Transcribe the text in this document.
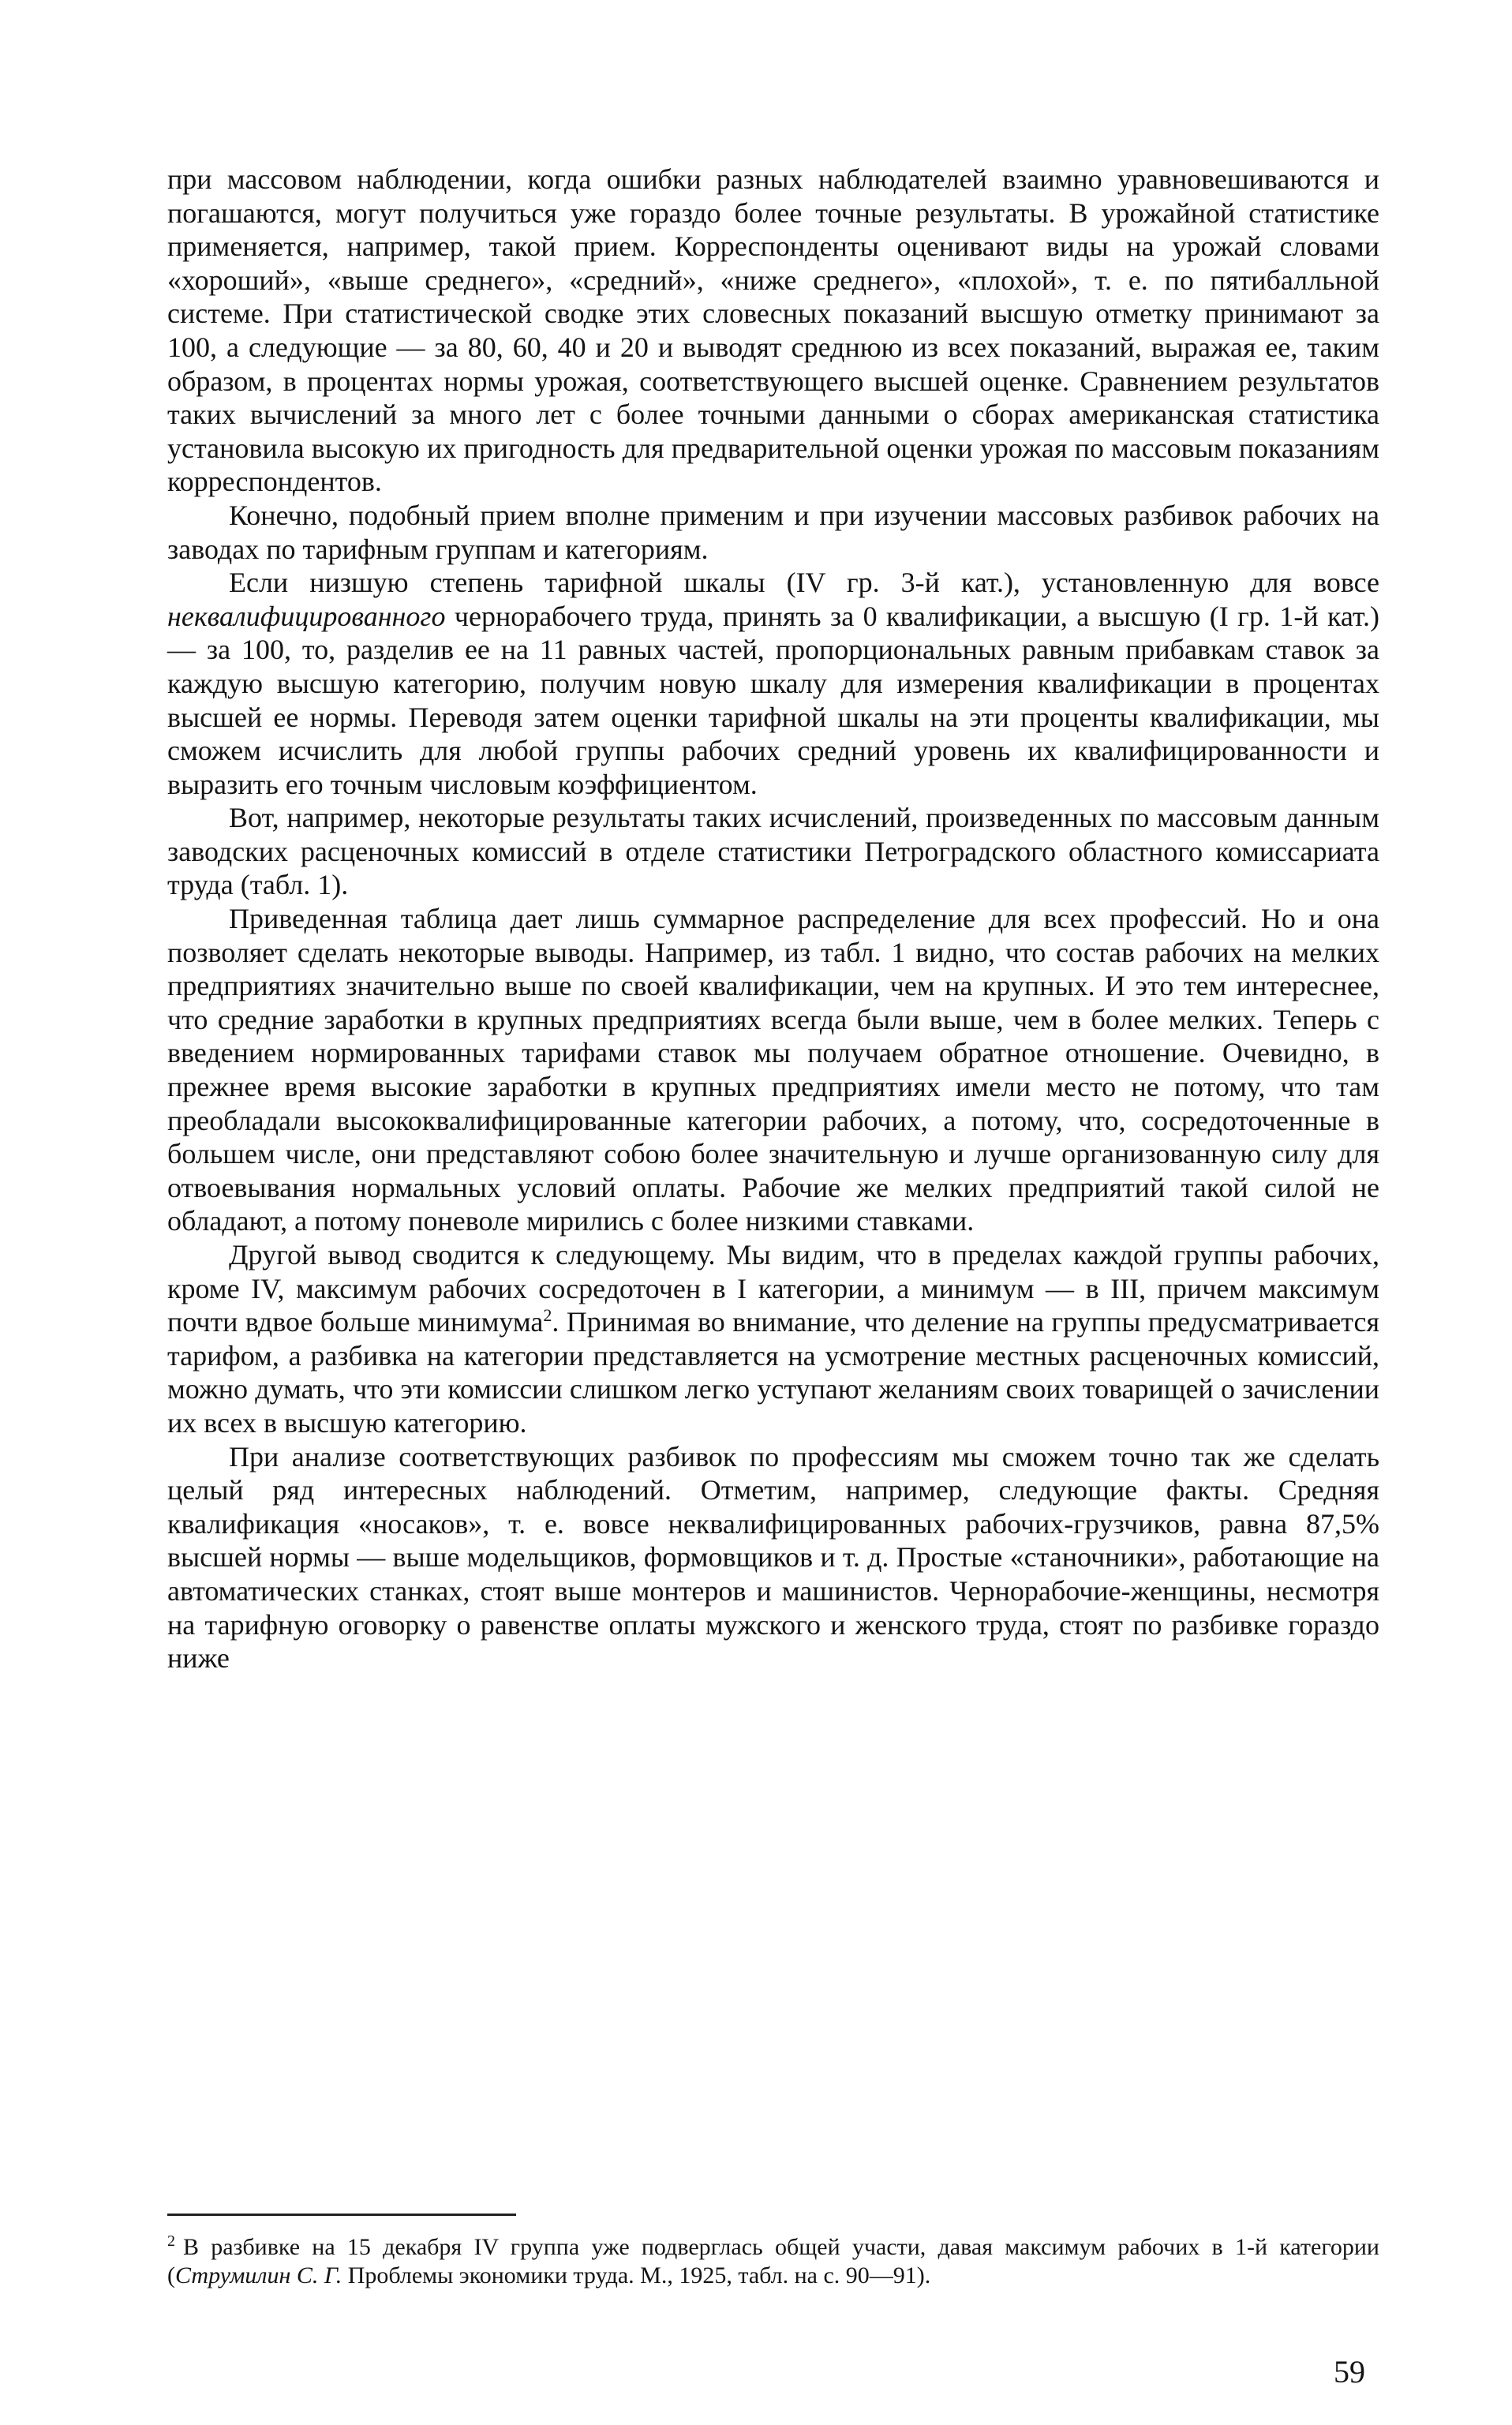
при массовом наблюдении, когда ошибки разных наблюдателей взаимно уравновешиваются и погашаются, могут получиться уже гораздо более точные результаты. В урожайной статистике применяется, например, такой прием. Корреспонденты оценивают виды на урожай словами «хороший», «выше среднего», «средний», «ниже среднего», «плохой», т. е. по пятибалльной системе. При статистической сводке этих словесных показаний высшую отметку принимают за 100, а следующие — за 80, 60, 40 и 20 и выводят среднюю из всех показаний, выражая ее, таким образом, в процентах нормы урожая, соответствующего высшей оценке. Сравнением результатов таких вычислений за много лет с более точными данными о сборах американская статистика установила высокую их пригодность для предварительной оценки урожая по массовым показаниям корреспондентов.

Конечно, подобный прием вполне применим и при изучении массовых разбивок рабочих на заводах по тарифным группам и категориям.

Если низшую степень тарифной шкалы (IV гр. 3-й кат.), установленную для вовсе неквалифицированного чернорабочего труда, принять за 0 квалификации, а высшую (I гр. 1-й кат.) — за 100, то, разделив ее на 11 равных частей, пропорциональных равным прибавкам ставок за каждую высшую категорию, получим новую шкалу для измерения квалификации в процентах высшей ее нормы. Переводя затем оценки тарифной шкалы на эти проценты квалификации, мы сможем исчислить для любой группы рабочих средний уровень их квалифицированности и выразить его точным числовым коэффициентом.

Вот, например, некоторые результаты таких исчислений, произведенных по массовым данным заводских расценочных комиссий в отделе статистики Петроградского областного комиссариата труда (табл. 1).

Приведенная таблица дает лишь суммарное распределение для всех профессий. Но и она позволяет сделать некоторые выводы. Например, из табл. 1 видно, что состав рабочих на мелких предприятиях значительно выше по своей квалификации, чем на крупных. И это тем интереснее, что средние заработки в крупных предприятиях всегда были выше, чем в более мелких. Теперь с введением нормированных тарифами ставок мы получаем обратное отношение. Очевидно, в прежнее время высокие заработки в крупных предприятиях имели место не потому, что там преобладали высококвалифицированные категории рабочих, а потому, что, сосредоточенные в большем числе, они представляют собою более значительную и лучше организованную силу для отвоевывания нормальных условий оплаты. Рабочие же мелких предприятий такой силой не обладают, а потому поневоле мирились с более низкими ставками.

Другой вывод сводится к следующему. Мы видим, что в пределах каждой группы рабочих, кроме IV, максимум рабочих сосредоточен в I категории, а минимум — в III, причем максимум почти вдвое больше минимума$^2$. Принимая во внимание, что деление на группы предусматривается тарифом, а разбивка на категории представляется на усмотрение местных расценочных комиссий, можно думать, что эти комиссии слишком легко уступают желаниям своих товарищей о зачислении их всех в высшую категорию.

При анализе соответствующих разбивок по профессиям мы сможем точно так же сделать целый ряд интересных наблюдений. Отметим, например, следующие факты. Средняя квалификация «носаков», т. е. вовсе неквалифицированных рабочих-грузчиков, равна 87,5% высшей нормы — выше модельщиков, формовщиков и т. д. Простые «станочники», работающие на автоматических станках, стоят выше монтеров и машинистов. Чернорабочие-женщины, несмотря на тарифную оговорку о равенстве оплаты мужского и женского труда, стоят по разбивке гораздо ниже

$^2$ В разбивке на 15 декабря IV группа уже подверглась общей участи, давая максимум рабочих в 1-й категории (Струмилин С. Г. Проблемы экономики труда. М., 1925, табл. на с. 90—91).

59
